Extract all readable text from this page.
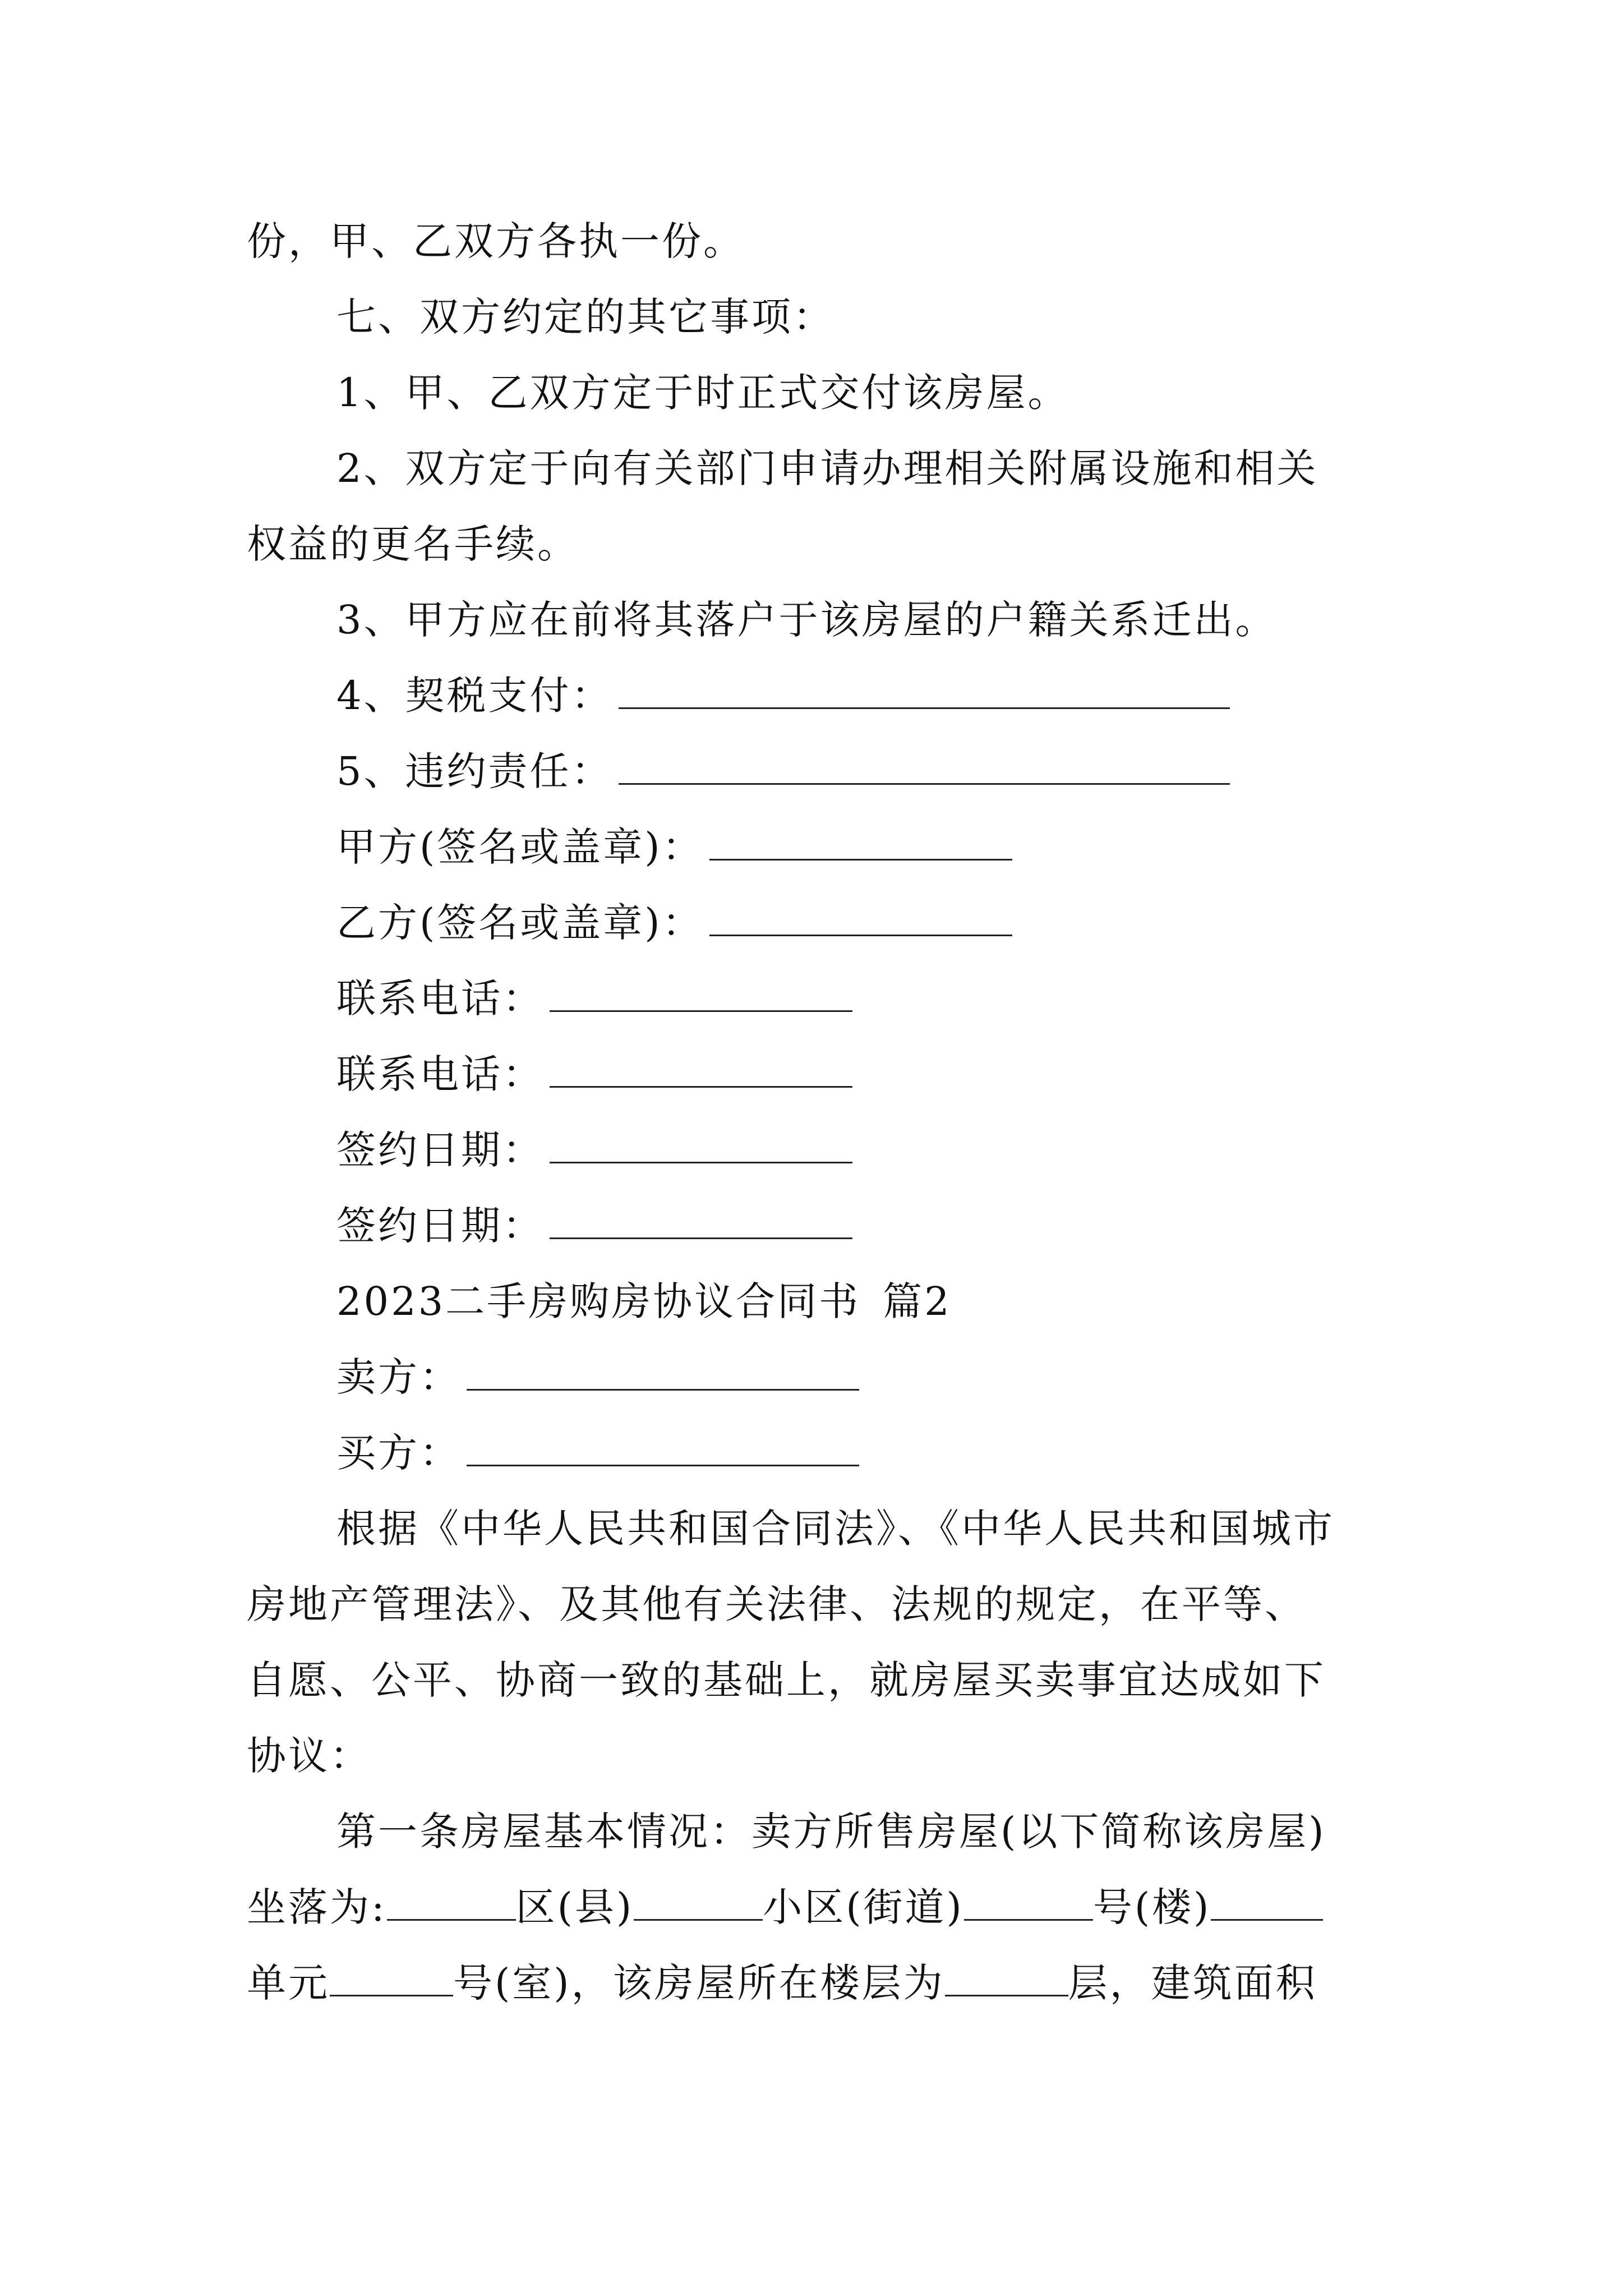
份，甲、乙双方各执一份。
七、双方约定的其它事项：
1、甲、乙双方定于时正式交付该房屋。
2、双方定于向有关部门申请办理相关附属设施和相关
权益的更名手续。
3、甲方应在前将其落户于该房屋的户籍关系迁出。
4、契税支付：
5、违约责任：
甲方(签名或盖章)：
乙方(签名或盖章)：
联系电话：
联系电话：
签约日期：
签约日期：
2023二手房购房协议合同书 篇2
卖方：
买方：
根据《中华人民共和国合同法》、《中华人民共和国城市
房地产管理法》、及其他有关法律、法规的规定，在平等、
自愿、公平、协商一致的基础上，就房屋买卖事宜达成如下
协议：
第一条房屋基本情况：卖方所售房屋(以下简称该房屋)
坐落为:	区(县)	小区(街道)	号(楼)
单元	号(室)，该房屋所在楼层为	层，建筑面积
